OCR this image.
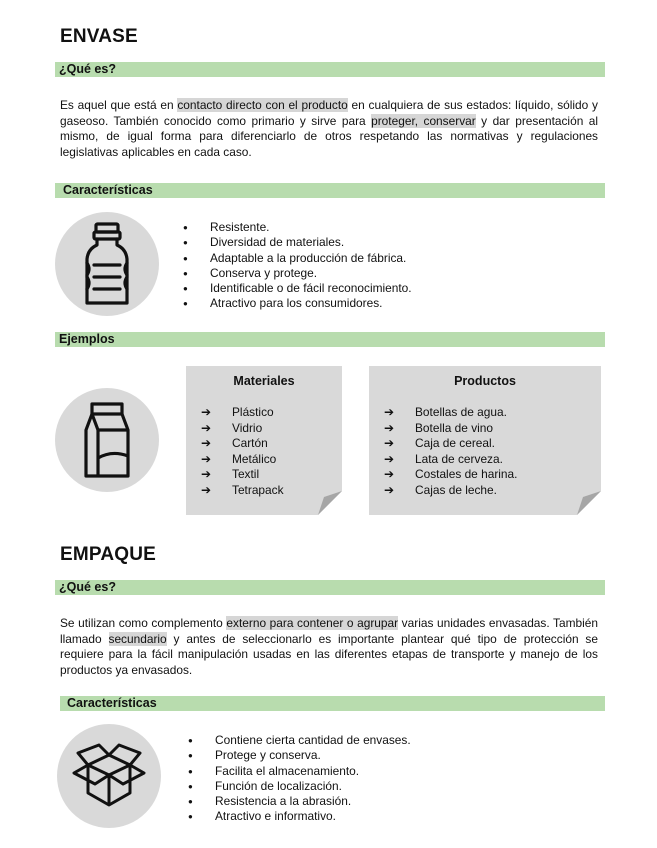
ENVASE
¿Qué es?
Es aquel que está en contacto directo con el producto en cualquiera de sus estados: líquido, sólido y gaseoso. También conocido como primario y sirve para proteger, conservar y dar presentación al mismo, de igual forma para diferenciarlo de otros respetando las normativas y regulaciones legislativas aplicables en cada caso.
Características
● Resistente.
● Diversidad de materiales.
● Adaptable a la producción de fábrica.
● Conserva y protege.
● Identificable o de fácil reconocimiento.
● Atractivo para los consumidores.
Ejemplos
Materiales
➔ Plástico
➔ Vidrio
➔ Cartón
➔ Metálico
➔ Textil
➔ Tetrapack
Productos
➔ Botellas de agua.
➔ Botella de vino
➔ Caja de cereal.
➔ Lata de cerveza.
➔ Costales de harina.
➔ Cajas de leche.
EMPAQUE
¿Qué es?
Se utilizan como complemento externo para contener o agrupar varias unidades envasadas. También llamado secundario y antes de seleccionarlo es importante plantear qué tipo de protección se requiere para la fácil manipulación usadas en las diferentes etapas de transporte y manejo de los productos ya envasados.
Características
● Contiene cierta cantidad de envases.
● Protege y conserva.
● Facilita el almacenamiento.
● Función de localización.
● Resistencia a la abrasión.
● Atractivo e informativo.
